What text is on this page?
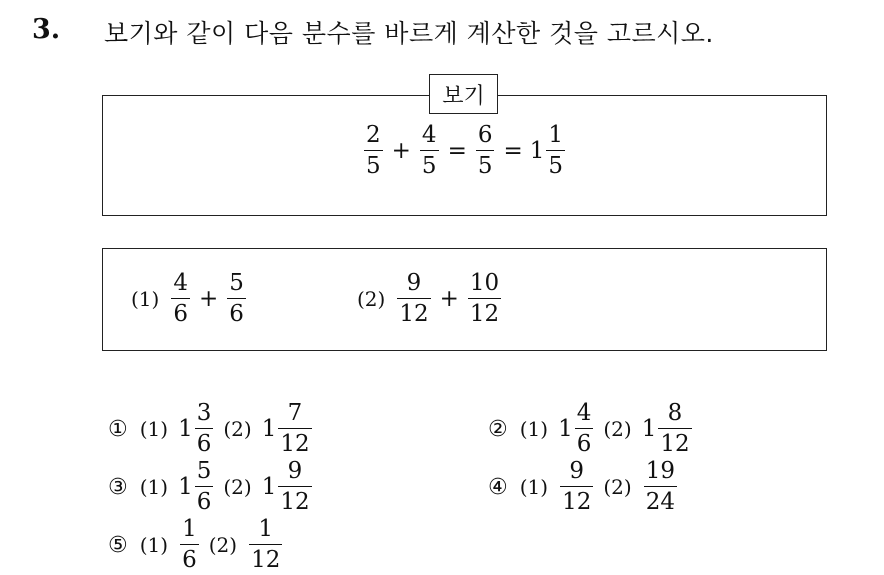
3. 보기와 같이 다음 분수를 바르게 계산한 것을 고르시오.
보기
$\frac{2}{5} + \frac{4}{5} = \frac{6}{5} = 1 \frac{1}{5}$
$(1) \frac{4}{6} + \frac{5}{6}$	$(2) \frac{9}{12} + \frac{10}{12}$
① (1) $1 \frac{3}{6} (2)$ $1 \frac{7}{12}$	② (1) $1 \frac{4}{6} (2)$ $1 \frac{8}{12}$
③ (1) $1 \frac{5}{6} (2)$ $1 \frac{9}{12}$	④ $(1) \frac{9}{12} (2) \frac{19}{24}$
⑤ $(1) \frac{1}{6} (2) \frac{1}{12}$
